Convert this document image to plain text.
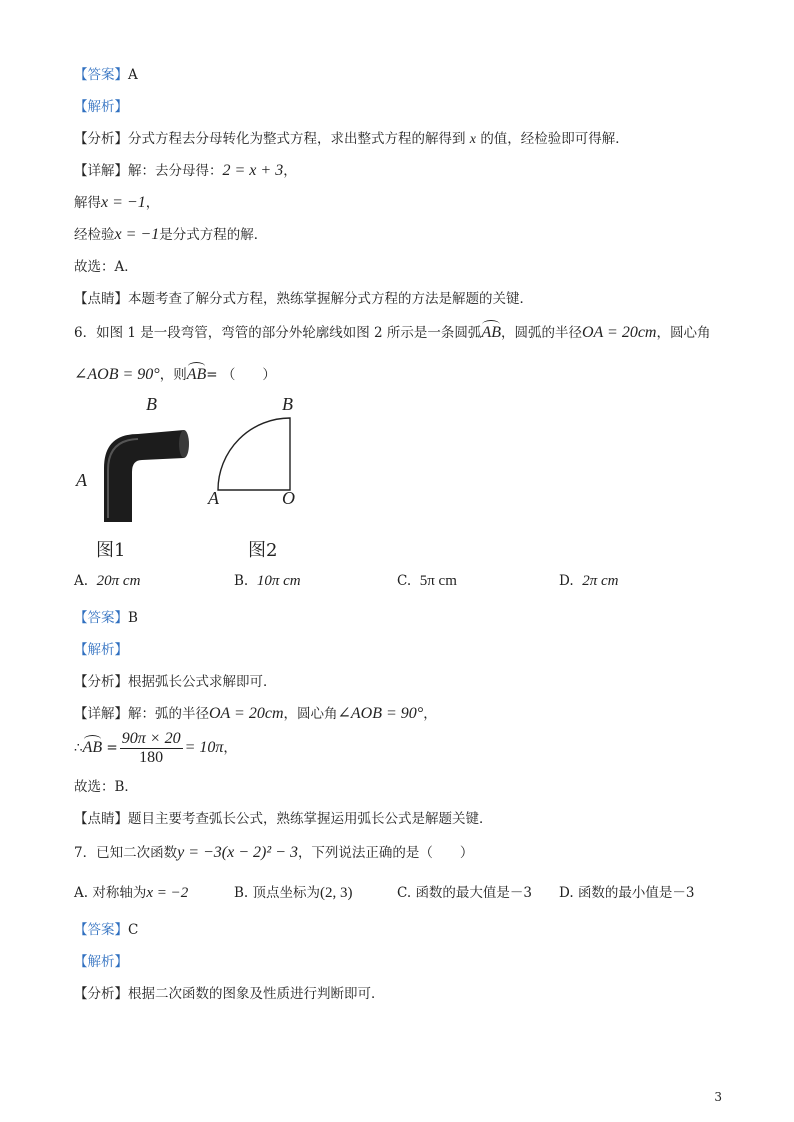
【答案】A
【解析】
【分析】分式方程去分母转化为整式方程，求出整式方程的解得到 x 的值，经检验即可得解．
【详解】解：去分母得：2 = x + 3，
解得x = −1，
经检验x = −1是分式方程的解．
故选：A．
【点睛】本题考查了解分式方程，熟练掌握解分式方程的方法是解题的关键．
6．如图 1 是一段弯管，弯管的部分外轮廓线如图 2 所示是一条圆弧AB，圆弧的半径OA = 20cm，圆心角
∠AOB = 90°，则AB= （　　）
B
A
图1
B
A	O
图2
A. 20π cm	B. 10π cm	C. 5π cm	D. 2π cm
【答案】B
【解析】
【分析】根据弧长公式求解即可．
【详解】解：弧的半径OA = 20cm，圆心角∠AOB = 90°，
∴AB = $\frac{90\pi \times 20}{180} = 10\pi$，
故选：B．
【点睛】题目主要考查弧长公式，熟练掌握运用弧长公式是解题关键．
7．已知二次函数y = −3(x − 2)² − 3，下列说法正确的是（　　）
A. 对称轴为x = −2	B. 顶点坐标为(2, 3)	C. 函数的最大值是－3 D. 函数的最小值是－3
【答案】C
【解析】
【分析】根据二次函数的图象及性质进行判断即可．
3
